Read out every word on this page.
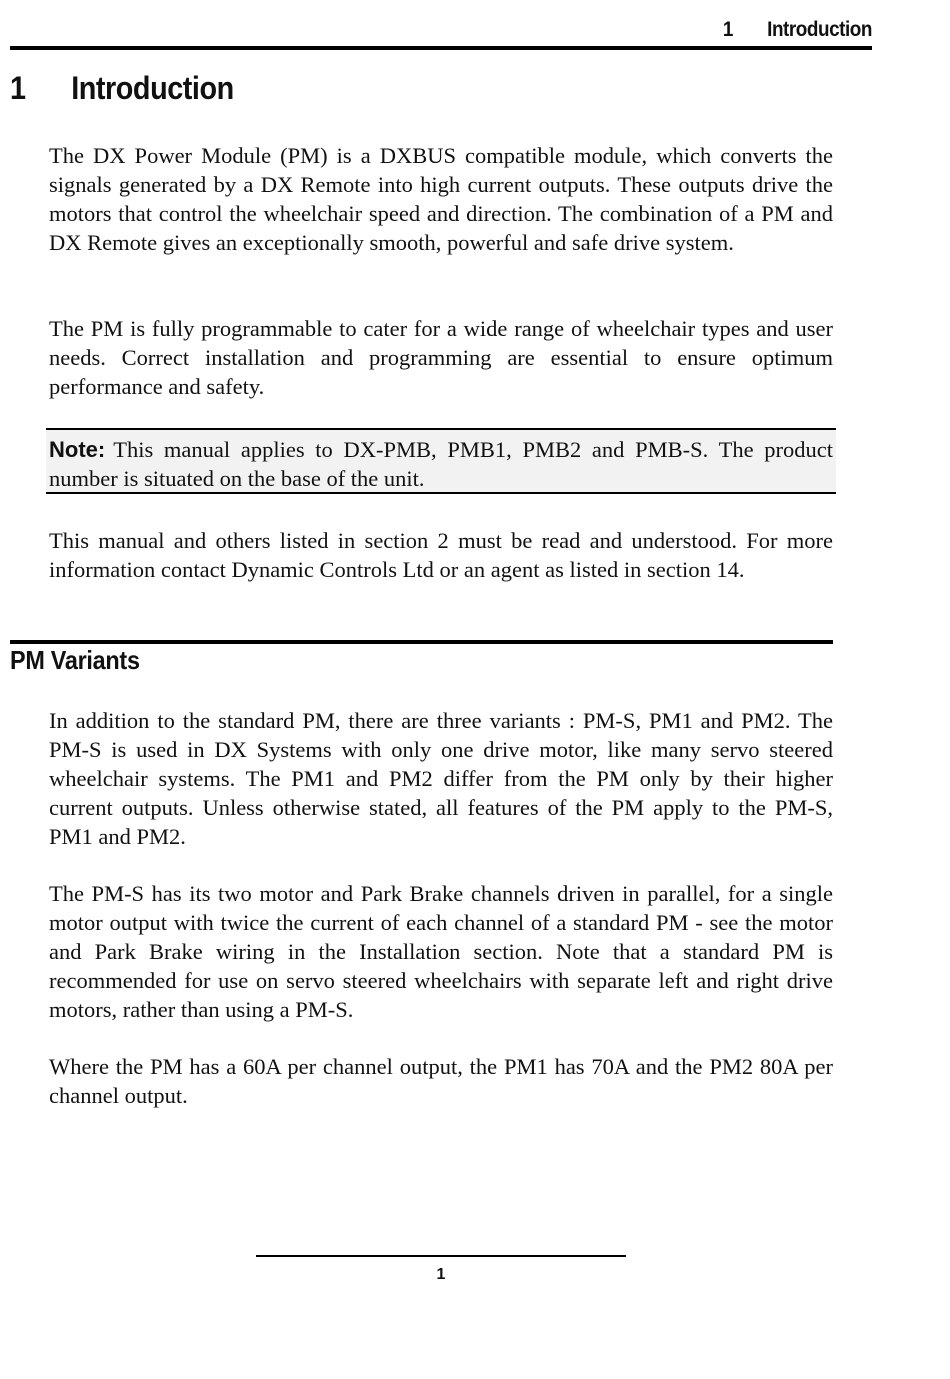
1 Introduction
1 Introduction

The DX Power Module (PM) is a DXBUS compatible module, which converts the signals generated by a DX Remote into high current outputs. These outputs drive the motors that control the wheelchair speed and direction. The combination of a PM and DX Remote gives an exceptionally smooth, powerful and safe drive system.

The PM is fully programmable to cater for a wide range of wheelchair types and user needs. Correct installation and programming are essential to ensure optimum performance and safety.

Note: This manual applies to DX-PMB, PMB1, PMB2 and PMB-S. The product number is situated on the base of the unit.

This manual and others listed in section 2 must be read and understood. For more information contact Dynamic Controls Ltd or an agent as listed in section 14.

PM Variants

In addition to the standard PM, there are three variants : PM-S, PM1 and PM2. The PM-S is used in DX Systems with only one drive motor, like many servo steered wheelchair systems. The PM1 and PM2 differ from the PM only by their higher current outputs. Unless otherwise stated, all features of the PM apply to the PM-S, PM1 and PM2.

The PM-S has its two motor and Park Brake channels driven in parallel, for a single motor output with twice the current of each channel of a standard PM - see the motor and Park Brake wiring in the Installation section. Note that a standard PM is recommended for use on servo steered wheelchairs with separate left and right drive motors, rather than using a PM-S.

Where the PM has a 60A per channel output, the PM1 has 70A and the PM2 80A per channel output.

1
